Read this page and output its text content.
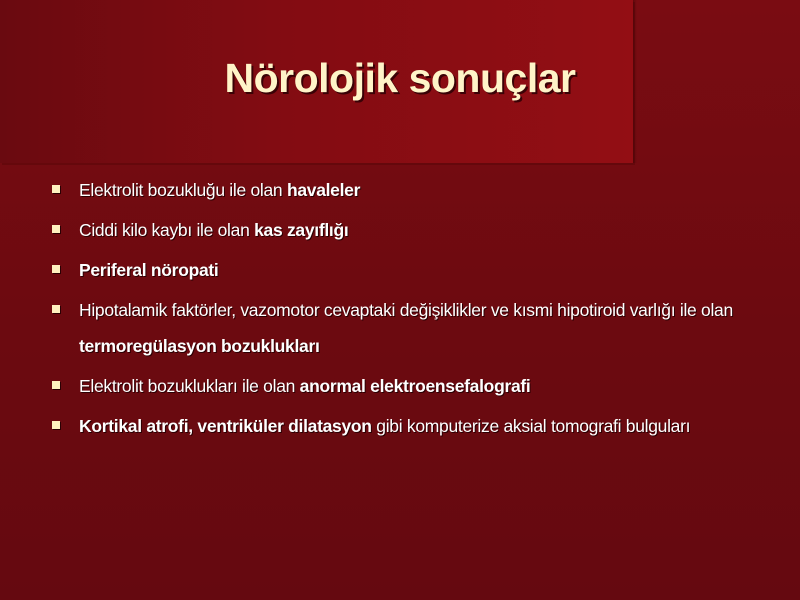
Nörolojik sonuçlar
Elektrolit bozukluğu ile olan havaleler
Ciddi kilo kaybı ile olan kas zayıflığı
Periferal nöropati
Hipotalamik faktörler, vazomotor cevaptaki değişiklikler ve kısmi hipotiroid varlığı ile olan termoregülasyon bozuklukları
Elektrolit bozuklukları ile olan anormal elektroensefalografi
Kortikal atrofi, ventriküler dilatasyon gibi komputerize aksial tomografi bulguları
